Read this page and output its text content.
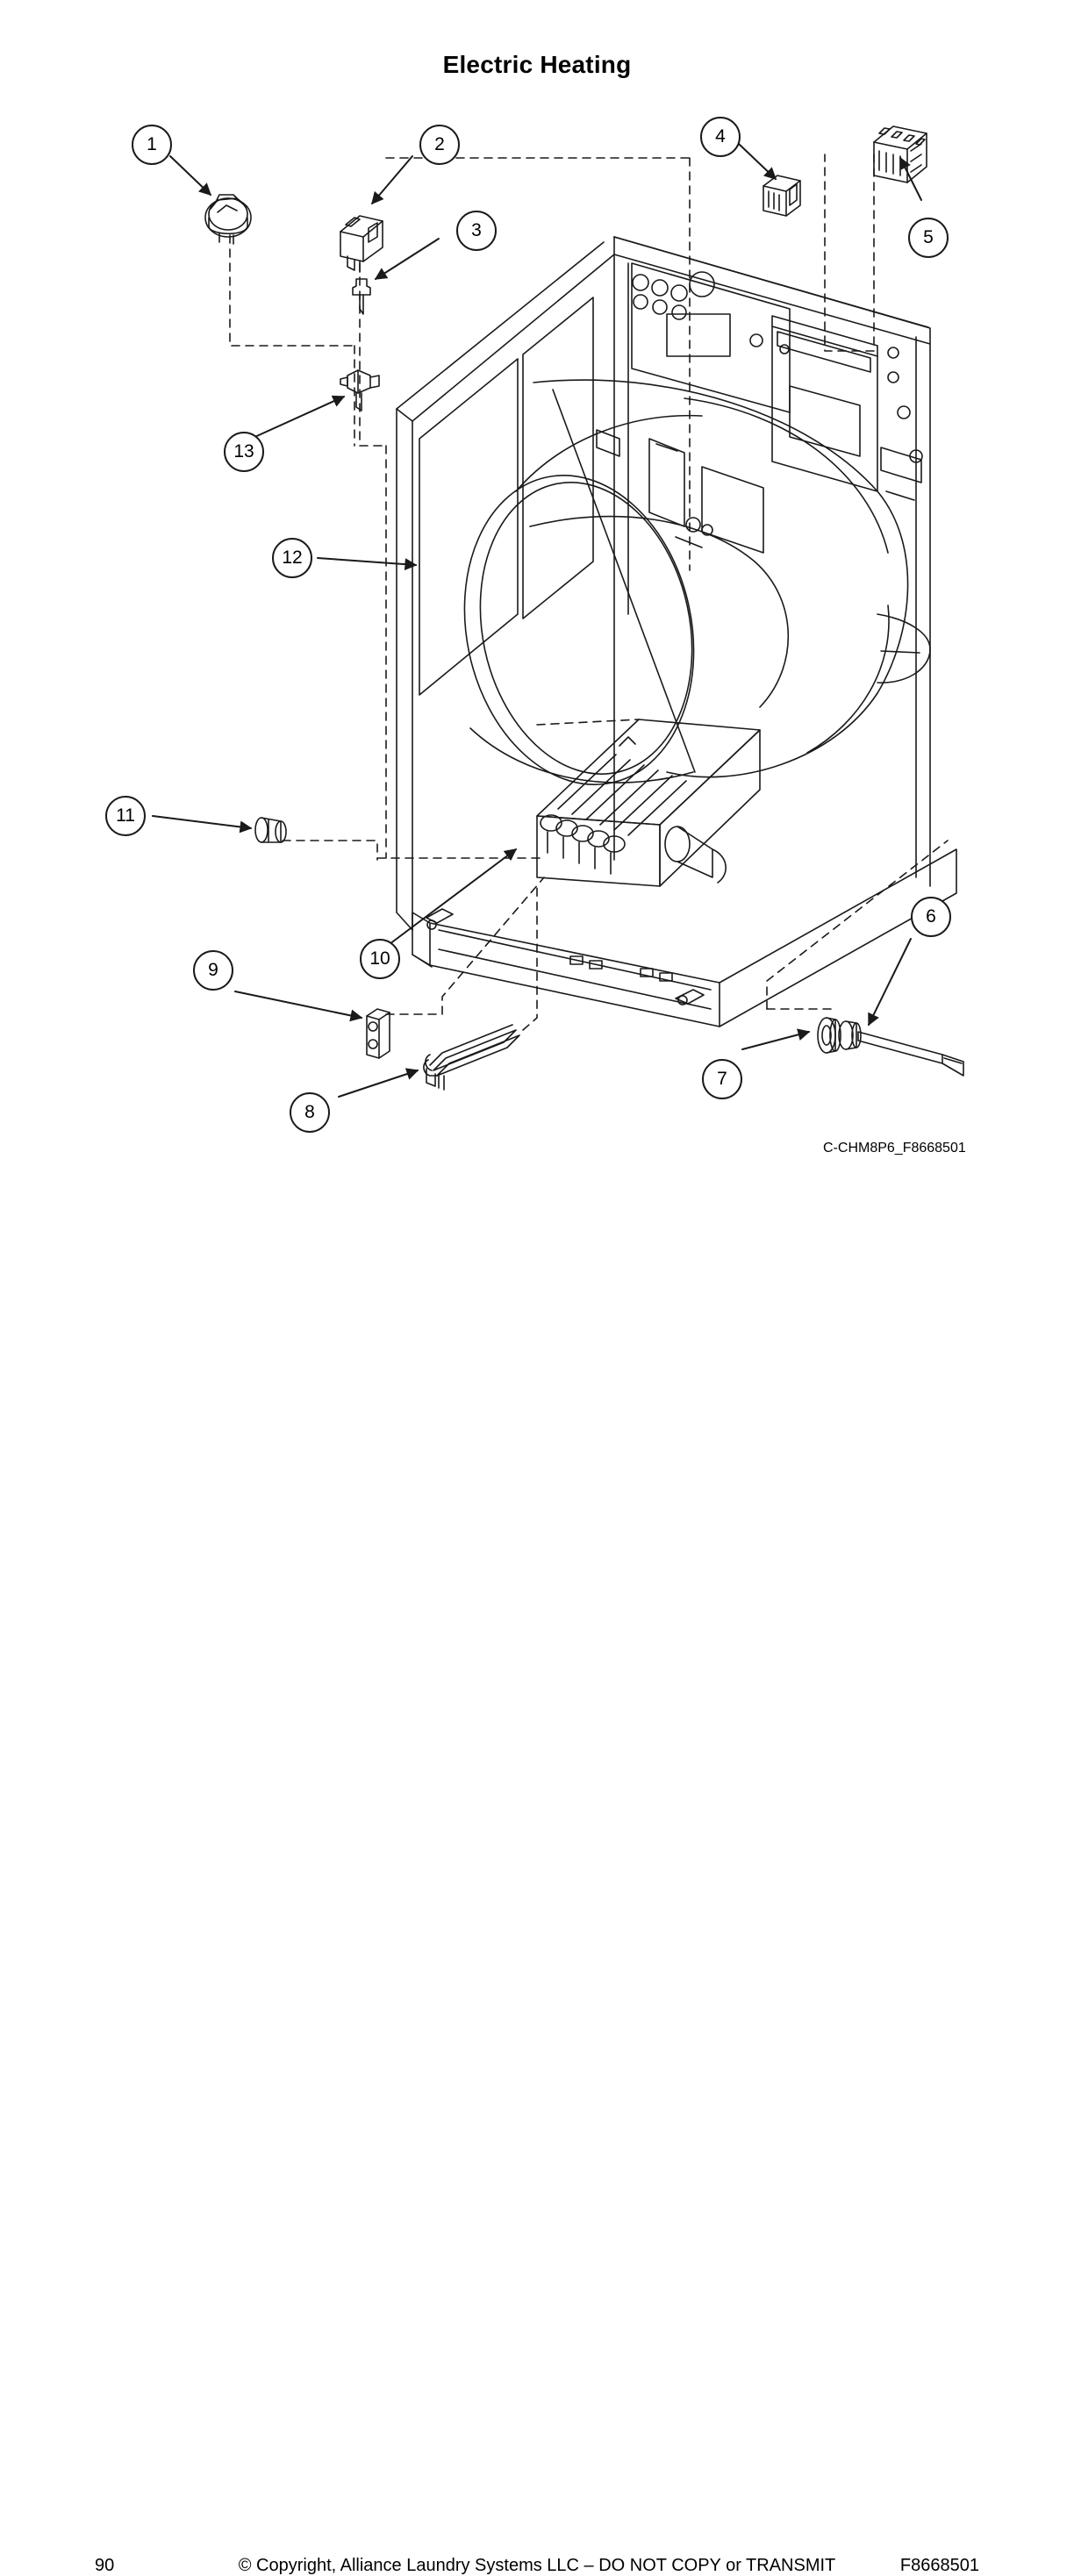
Electric Heating
1	2
3
4
5
6
7
8
9
10
11
12
13
C-CHM8P6_F8668501
90	© Copyright, Alliance Laundry Systems LLC – DO NOT COPY or TRANSMIT	F8668501
